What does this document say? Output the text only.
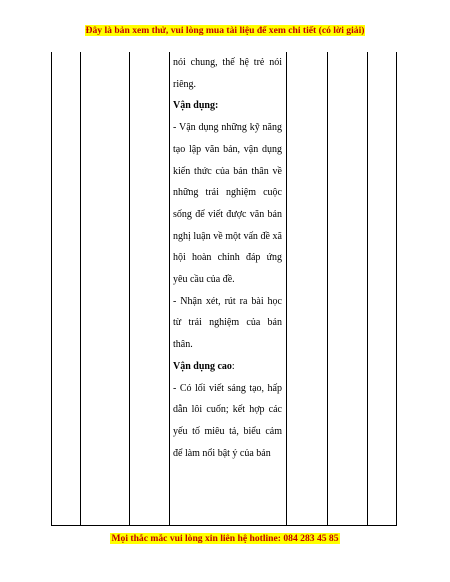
Đây là bản xem thử, vui lòng mua tài liệu để xem chi tiết (có lời giải)

nói chung, thế hệ trẻ nói riêng.

Vận dụng:

- Vận dụng những kỹ năng tạo lập văn bản, vận dụng kiến thức của bản thân về những trải nghiệm cuộc sống để viết được văn bản nghị luận về một vấn đề xã hội hoàn chỉnh đáp ứng yêu cầu của đề.

- Nhận xét, rút ra bài học từ trải nghiệm của bản thân.

Vận dụng cao:

- Có lối viết sáng tạo, hấp dẫn lôi cuốn; kết hợp các yếu tố miêu tả, biểu cảm để làm nổi bật ý của bản

Mọi thắc mắc vui lòng xin liên hệ hotline: 084 283 45 85
